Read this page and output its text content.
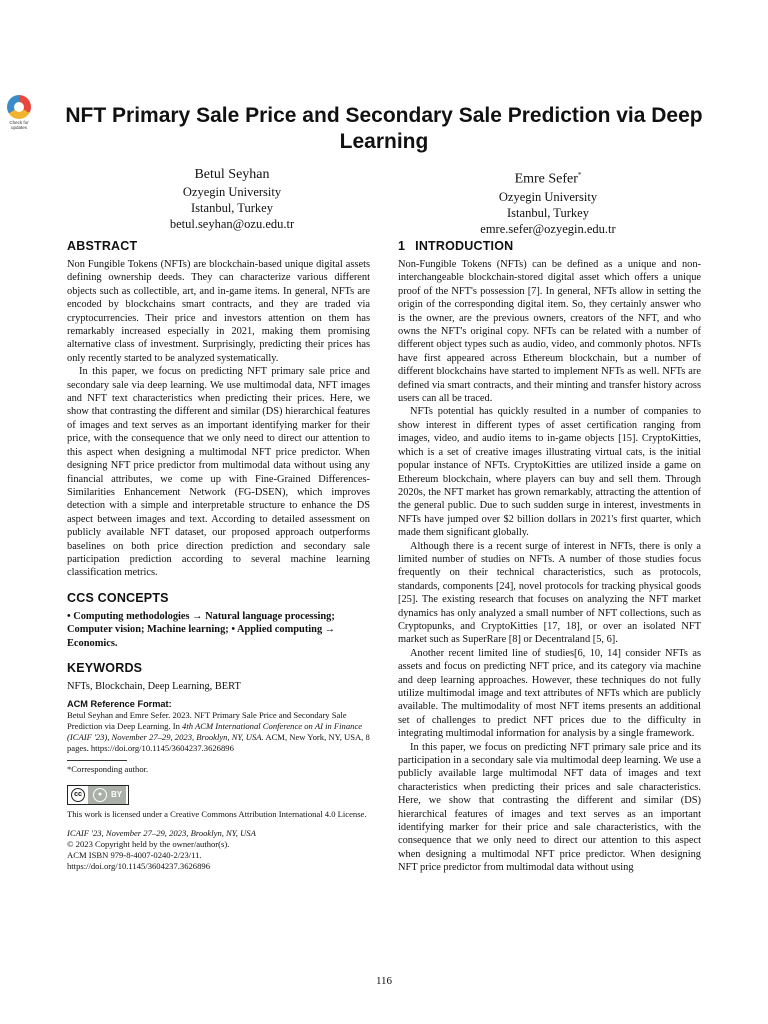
Check for updates
NFT Primary Sale Price and Secondary Sale Prediction via Deep Learning
Betul Seyhan
Ozyegin University
Istanbul, Turkey
betul.seyhan@ozu.edu.tr
Emre Sefer*
Ozyegin University
Istanbul, Turkey
emre.sefer@ozyegin.edu.tr
ABSTRACT

Non Fungible Tokens (NFTs) are blockchain-based unique digital assets defining ownership deeds. They can characterize various different objects such as collectible, art, and in-game items. In general, NFTs are encoded by blockchains smart contracts, and they are traded via cryptocurrencies. Their price and investors attention on them has remarkably increased especially in 2021, making them promising alternative class of investment. Surprisingly, predicting their prices has only recently started to be analyzed systematically.

In this paper, we focus on predicting NFT primary sale price and secondary sale via deep learning. We use multimodal data, NFT images and NFT text characteristics when predicting their prices. Here, we show that contrasting the different and similar (DS) hierarchical features of images and text serves as an important identifying marker for their price, with the consequence that we only need to direct our attention to this aspect when designing a multimodal NFT price predictor. When designing NFT price predictor from multimodal data without using any financial attributes, we come up with Fine-Grained Differences-Similarities Enhancement Network (FG-DSEN), which improves detection with a simple and interpretable structure to enhance the DS aspect between images and text. According to detailed assessment on publicly available NFT dataset, our proposed approach outperforms baselines on both price direction prediction and secondary sale participation prediction according to several machine learning classification metrics.

CCS CONCEPTS

• Computing methodologies → Natural language processing; Computer vision; Machine learning; • Applied computing → Economics.

KEYWORDS

NFTs, Blockchain, Deep Learning, BERT

ACM Reference Format:

Betul Seyhan and Emre Sefer. 2023. NFT Primary Sale Price and Secondary Sale Prediction via Deep Learning. In 4th ACM International Conference on AI in Finance (ICAIF '23), November 27–29, 2023, Brooklyn, NY, USA. ACM, New York, NY, USA, 8 pages. https://doi.org/10.1145/3604237.3626896

*Corresponding author.

cc	●	BY

This work is licensed under a Creative Commons Attribution International 4.0 License.

ICAIF '23, November 27–29, 2023, Brooklyn, NY, USA

© 2023 Copyright held by the owner/author(s).

ACM ISBN 979-8-4007-0240-2/23/11.

https://doi.org/10.1145/3604237.3626896

1 INTRODUCTION

Non-Fungible Tokens (NFTs) can be defined as a unique and non-interchangeable blockchain-stored digital asset which offers a unique proof of the NFT's possession [7]. In general, NFTs allow in setting the origin of the corresponding digital item. So, they certainly answer who is the owner, are the previous owners, creators of the NFT, and who owns the NFT's original copy. NFTs can be related with a number of different object types such as audio, video, and commonly photos. NFTs have first appeared across Ethereum blockchain, but a number of different blockchains have started to implement NFTs as well. NFTs are defined via smart contracts, and their minting and transfer history across users can all be traced.

NFTs potential has quickly resulted in a number of companies to show interest in different types of asset certification ranging from images, video, and audio items to in-game objects [15]. CryptoKitties, which is a set of creative images illustrating virtual cats, is the initial popular instance of NFTs. CryptoKitties are utilized inside a game on Ethereum blockchain, where players can buy and sell them. Through 2020s, the NFT market has grown remarkably, attracting the attention of the general public. Due to such sudden surge in interest, investments in NFTs have jumped over $2 billion dollars in 2021's first quarter, which made them significant globally.

Although there is a recent surge of interest in NFTs, there is only a limited number of studies on NFTs. A number of those studies focus frequently on their technical characteristics, such as protocols, standards, components [24], novel protocols for tracking physical goods [25]. The existing research that focuses on analyzing the NFT market dynamics has only analyzed a small number of NFT collections, such as Cryptopunks, and CryptoKitties [17, 18], or over an isolated NFT market such as SuperRare [8] or Decentraland [5, 6].

Another recent limited line of studies[6, 10, 14] consider NFTs as assets and focus on predicting NFT price, and its category via machine and deep learning approaches. However, these techniques do not fully utilize multimodal image and text attributes of NFTs which are publicly available. The multimodality of most NFT items presents an additional set of challenges to predict NFT prices due to the difficulty in integrating multimodal information for analysis by a single framework.

In this paper, we focus on predicting NFT primary sale price and its participation in a secondary sale via multimodal deep learning. We use a publicly available large multimodal NFT data of images and text characteristics when predicting their prices and sale characteristics. Here, we show that contrasting the different and similar (DS) hierarchical features of images and text serves as an important identifying marker for their price and sale characteristics, with the consequence that we only need to direct our attention to this aspect when designing a multimodal NFT price predictor. When designing NFT price predictor from multimodal data without using

116
